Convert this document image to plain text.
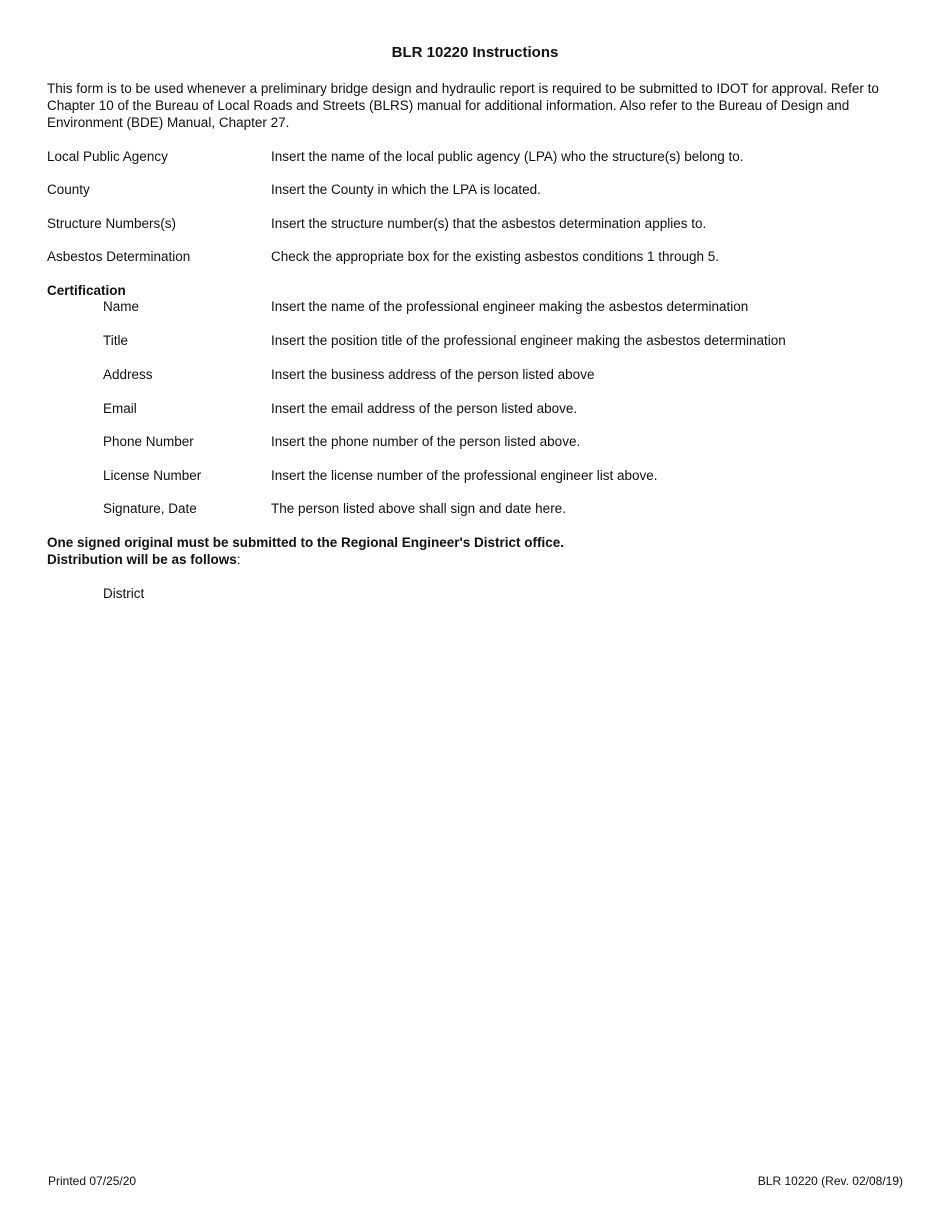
BLR 10220 Instructions

This form is to be used whenever a preliminary bridge design and hydraulic report is required to be submitted to IDOT for approval. Refer to Chapter 10 of the Bureau of Local Roads and Streets (BLRS) manual for additional information. Also refer to the Bureau of Design and Environment (BDE) Manual, Chapter 27.

Local Public Agency	Insert the name of the local public agency (LPA) who the structure(s) belong to.
County	Insert the County in which the LPA is located.
Structure Numbers(s)	Insert the structure number(s) that the asbestos determination applies to.
Asbestos Determination	Check the appropriate box for the existing asbestos conditions 1 through 5.
Certification
Name	Insert the name of the professional engineer making the asbestos determination
Title	Insert the position title of the professional engineer making the asbestos determination
Address	Insert the business address of the person listed above
Email	Insert the email address of the person listed above.
Phone Number	Insert the phone number of the person listed above.
License Number	Insert the license number of the professional engineer list above.
Signature, Date	The person listed above shall sign and date here.
One signed original must be submitted to the Regional Engineer's District office.
Distribution will be as follows:
District
Printed 07/25/20	BLR 10220 (Rev. 02/08/19)
